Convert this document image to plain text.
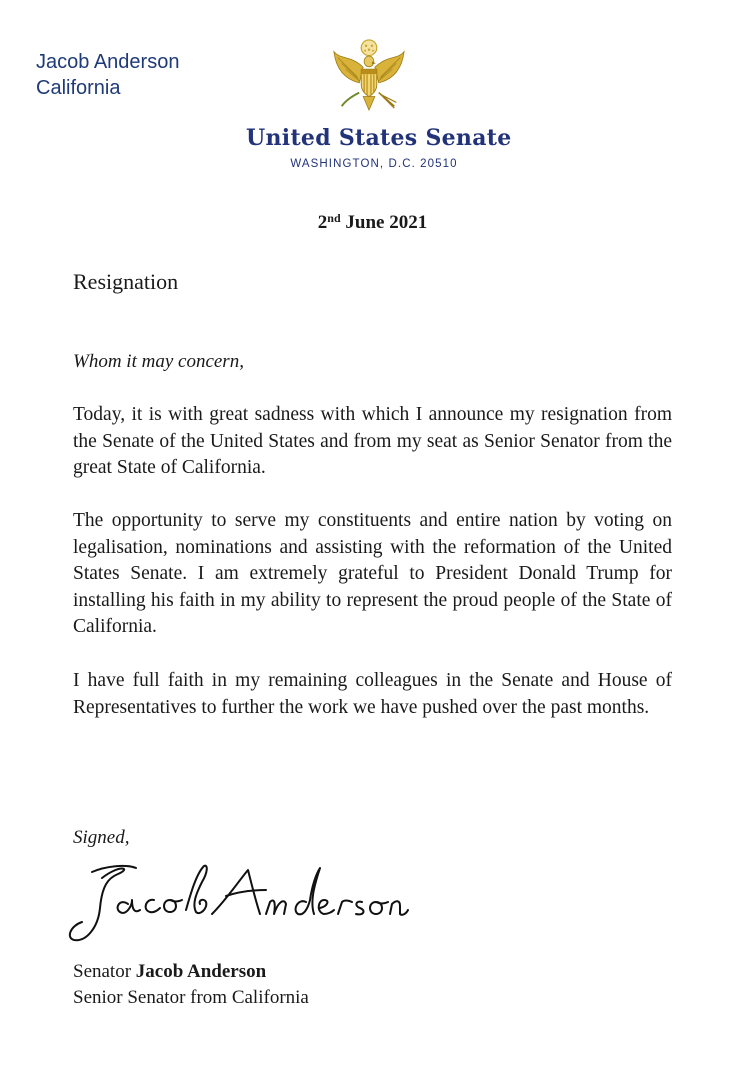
Jacob Anderson
California
United States Senate
WASHINGTON, D.C. 20510
2nd June 2021
Resignation
Whom it may concern,

Today, it is with great sadness with which I announce my resignation from the Senate of the United States and from my seat as Senior Senator from the great State of California.

The opportunity to serve my constituents and entire nation by voting on legalisation, nominations and assisting with the reformation of the United States Senate. I am extremely grateful to President Donald Trump for installing his faith in my ability to represent the proud people of the State of California.

I have full faith in my remaining colleagues in the Senate and House of Representatives to further the work we have pushed over the past months.

Signed,
Senator Jacob Anderson
Senior Senator from California
